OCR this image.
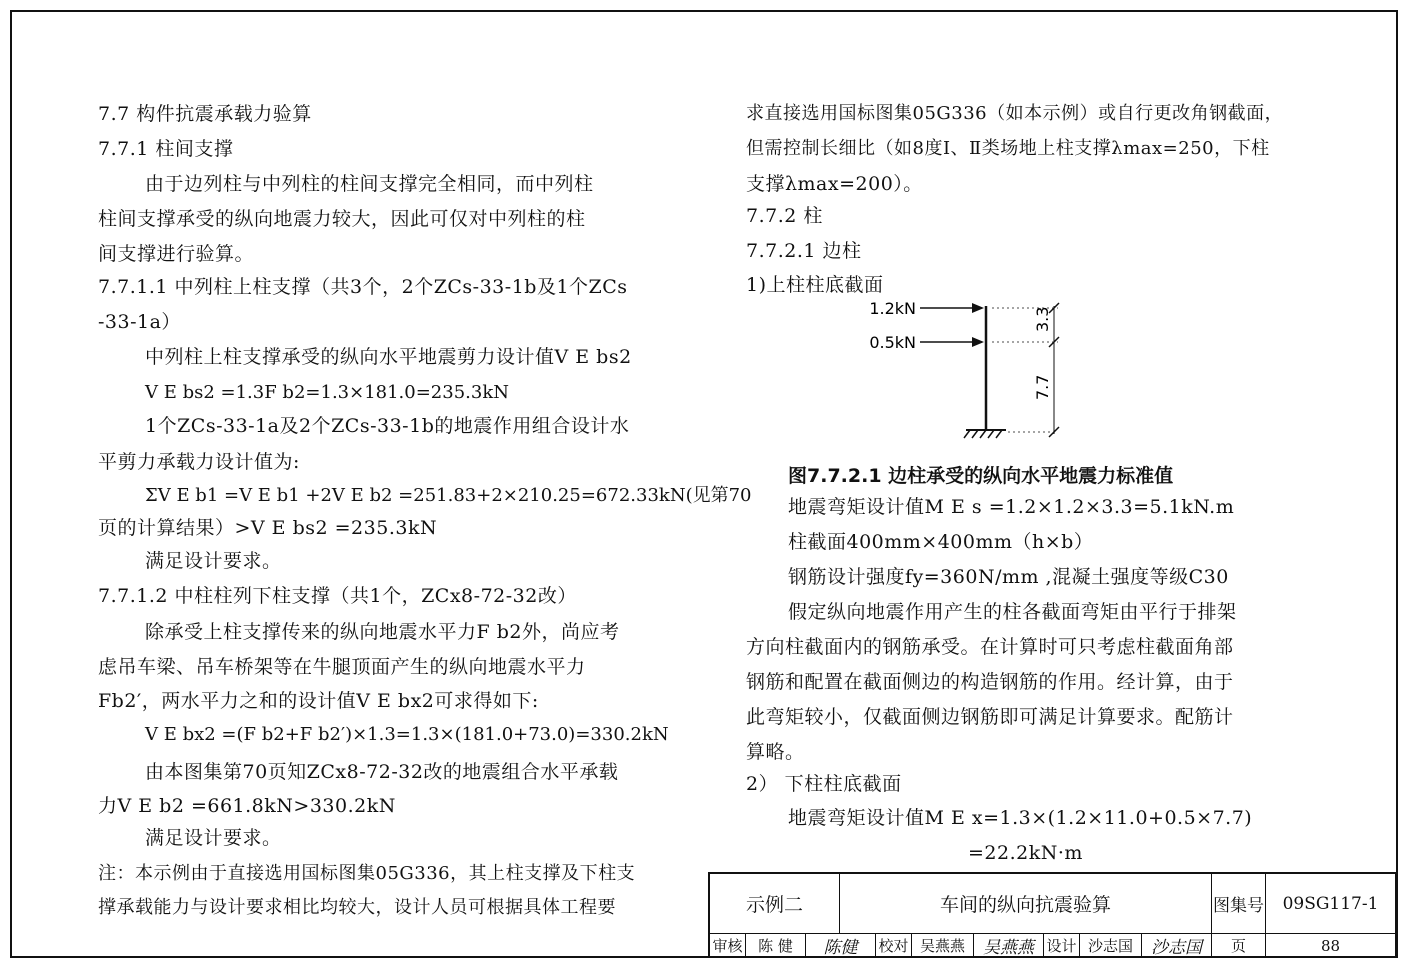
7.7 构件抗震承载力验算
7.7.1 柱间支撑
由于边列柱与中列柱的柱间支撑完全相同，而中列柱
柱间支撑承受的纵向地震力较大，因此可仅对中列柱的柱
间支撑进行验算。
7.7.1.1 中列柱上柱支撑（共3个，2个ZCs-33-1b及1个ZCs
-33-1a）
中列柱上柱支撑承受的纵向水平地震剪力设计值V E bs2
V E bs2 =1.3F b2=1.3×181.0=235.3kN
1个ZCs-33-1a及2个ZCs-33-1b的地震作用组合设计水
平剪力承载力设计值为:
ΣV E b1 =V E b1 +2V E b2 =251.83+2×210.25=672.33kN(见第70
页的计算结果）>V E bs2 =235.3kN
满足设计要求。
7.7.1.2 中柱柱列下柱支撑（共1个，ZCx8-72-32改）
除承受上柱支撑传来的纵向地震水平力F b2外，尚应考
虑吊车梁、吊车桥架等在牛腿顶面产生的纵向地震水平力
Fb2′，两水平力之和的设计值V E bx2可求得如下:
V E bx2 =(F b2+F b2′)×1.3=1.3×(181.0+73.0)=330.2kN
由本图集第70页知ZCx8-72-32改的地震组合水平承载
力V E b2 =661.8kN>330.2kN
满足设计要求。
注：本示例由于直接选用国标图集05G336，其上柱支撑及下柱支
撑承载能力与设计要求相比均较大，设计人员可根据具体工程要
求直接选用国标图集05G336（如本示例）或自行更改角钢截面，
但需控制长细比（如8度Ⅰ、Ⅱ类场地上柱支撑λmax=250，下柱
支撑λmax=200）。
7.7.2 柱
7.7.2.1 边柱
1)上柱柱底截面
1.2kN
0.5kN
3.3
7.7
图7.7.2.1 边柱承受的纵向水平地震力标准值
地震弯矩设计值M E s =1.2×1.2×3.3=5.1kN.m
柱截面400mm×400mm（h×b）
钢筋设计强度fy=360N/mm ,混凝土强度等级C30
假定纵向地震作用产生的柱各截面弯矩由平行于排架
方向柱截面内的钢筋承受。在计算时可只考虑柱截面角部
钢筋和配置在截面侧边的构造钢筋的作用。经计算，由于
此弯矩较小，仅截面侧边钢筋即可满足计算要求。配筋计
算略。
2） 下柱柱底截面
地震弯矩设计值M E x=1.3×(1.2×11.0+0.5×7.7)
=22.2kN·m
示例二	车间的纵向抗震验算	图集号	09SG117-1
审核	陈 健	陈健	校对 吴燕燕	吴燕燕 设计 沙志国	沙志国	页	88
